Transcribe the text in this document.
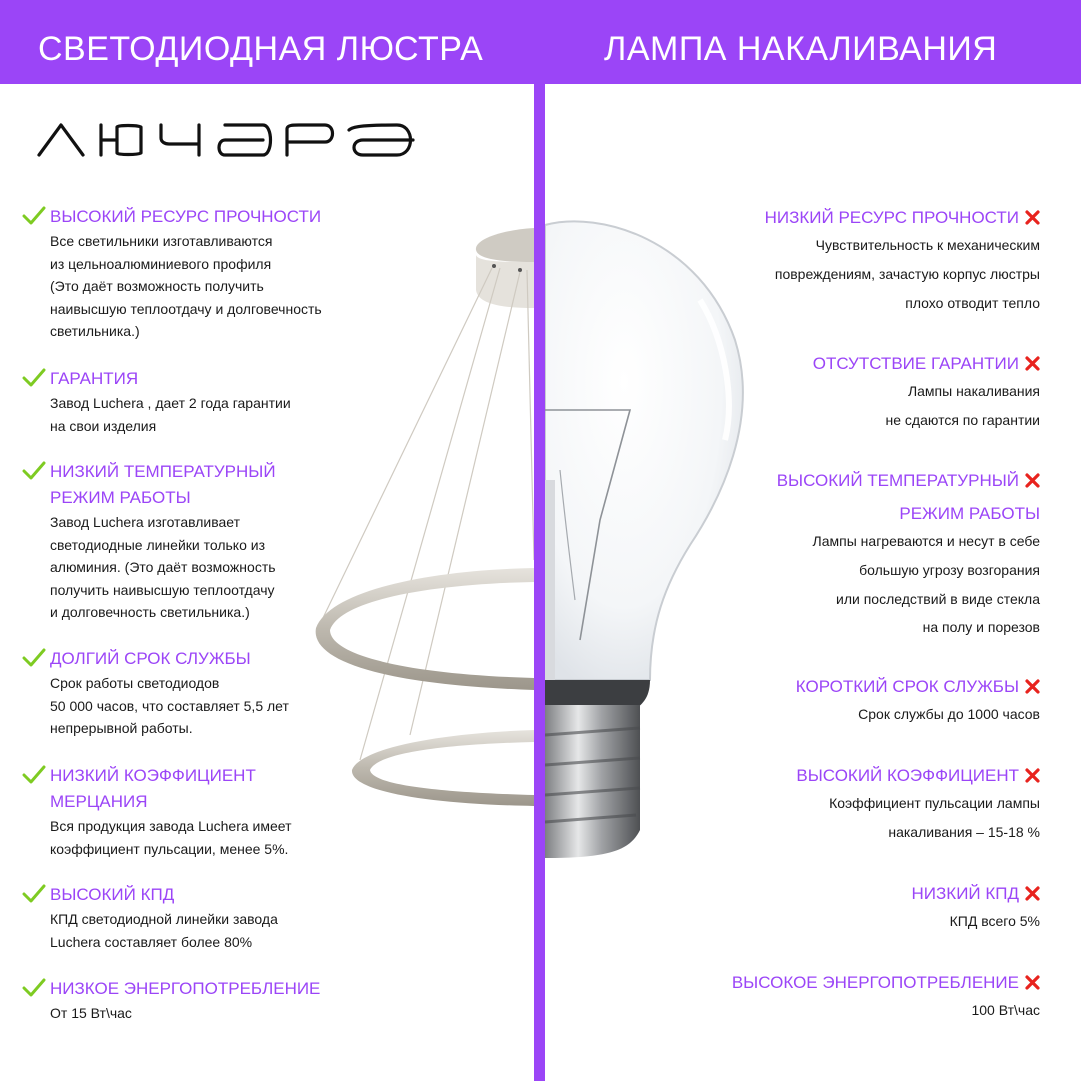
СВЕТОДИОДНАЯ ЛЮСТРА	ЛАМПА НАКАЛИВАНИЯ
ВЫСОКИЙ РЕСУРС ПРОЧНОСТИ
Все светильники изготавливаются
из цельноалюминиевого профиля
(Это даёт возможность получить
наивысшую теплоотдачу и долговечность
светильника.)
ГАРАНТИЯ
Завод Luchera , дает 2 года гарантии
на свои изделия
НИЗКИЙ ТЕМПЕРАТУРНЫЙ
РЕЖИМ РАБОТЫ
Завод Luchera изготавливает
светодиодные линейки только из
алюминия. (Это даёт возможность
получить наивысшую теплоотдачу
и долговечность светильника.)
ДОЛГИЙ СРОК СЛУЖБЫ
Срок работы светодиодов
50 000 часов, что составляет 5,5 лет
непрерывной работы.
НИЗКИЙ КОЭФФИЦИЕНТ
МЕРЦАНИЯ
Вся продукция завода Luchera имеет
коэффициент пульсации, менее 5%.
ВЫСОКИЙ КПД
КПД светодиодной линейки завода
Luchera составляет более 80%
НИЗКОЕ ЭНЕРГОПОТРЕБЛЕНИЕ
От 15 Вт\час
НИЗКИЙ РЕСУРС ПРОЧНОСТИ
Чувствительность к механическим
повреждениям, зачастую корпус люстры
плохо отводит тепло
ОТСУТСТВИЕ ГАРАНТИИ
Лампы накаливания
не сдаются по гарантии
ВЫСОКИЙ ТЕМПЕРАТУРНЫЙ
РЕЖИМ РАБОТЫ
Лампы нагреваются и несут в себе
большую угрозу возгорания
или последствий в виде стекла
на полу и порезов
КОРОТКИЙ СРОК СЛУЖБЫ
Срок службы до 1000 часов
ВЫСОКИЙ КОЭФФИЦИЕНТ
Коэффициент пульсации лампы
накаливания – 15-18 %
НИЗКИЙ КПД
КПД всего 5%
ВЫСОКОЕ ЭНЕРГОПОТРЕБЛЕНИЕ
100 Вт\час
